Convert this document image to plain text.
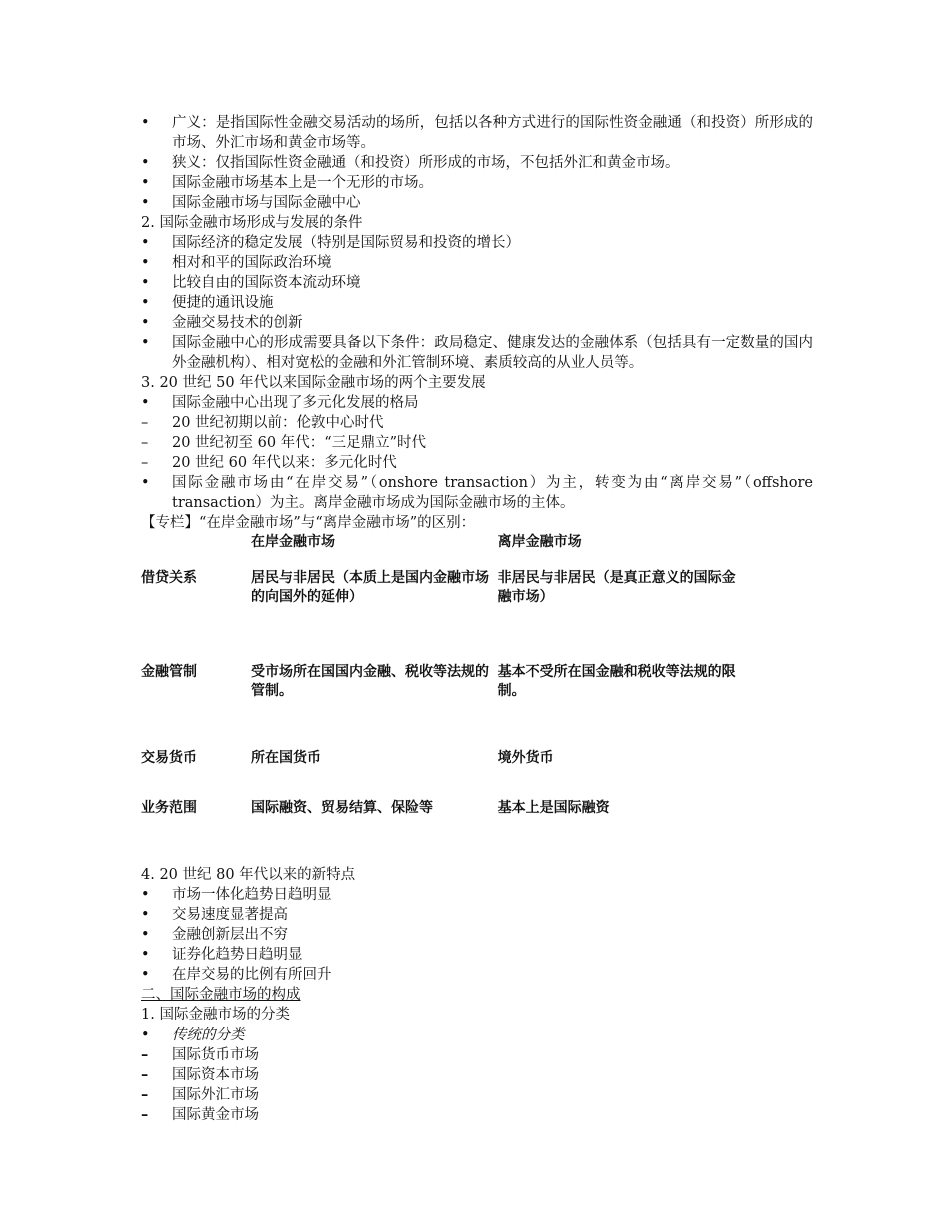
• 广义：是指国际性金融交易活动的场所，包括以各种方式进行的国际性资金融通（和投资）所形成的市场、外汇市场和黄金市场等。
• 狭义：仅指国际性资金融通（和投资）所形成的市场，不包括外汇和黄金市场。
• 国际金融市场基本上是一个无形的市场。
• 国际金融市场与国际金融中心
2. 国际金融市场形成与发展的条件
• 国际经济的稳定发展（特别是国际贸易和投资的增长）
• 相对和平的国际政治环境
• 比较自由的国际资本流动环境
• 便捷的通讯设施
• 金融交易技术的创新
• 国际金融中心的形成需要具备以下条件：政局稳定、健康发达的金融体系（包括具有一定数量的国内外金融机构）、相对宽松的金融和外汇管制环境、素质较高的从业人员等。
3. 20 世纪 50 年代以来国际金融市场的两个主要发展
• 国际金融中心出现了多元化发展的格局
– 20 世纪初期以前：伦敦中心时代
– 20 世纪初至 60 年代：“三足鼎立”时代
– 20 世纪 60 年代以来：多元化时代
• 国际金融市场由“在岸交易”（onshore transaction）为主，转变为由“离岸交易”（offshore transaction）为主。离岸金融市场成为国际金融市场的主体。
【专栏】“在岸金融市场”与“离岸金融市场”的区别：
	在岸金融市场	离岸金融市场
借贷关系	居民与非居民（本质上是国内金融市场的向国外的延伸）	非居民与非居民（是真正意义的国际金融市场）
金融管制	受市场所在国国内金融、税收等法规的管制。	基本不受所在国金融和税收等法规的限制。
交易货币	所在国货币	境外货币
业务范围	国际融资、贸易结算、保险等	基本上是国际融资
4. 20 世纪 80 年代以来的新特点
• 市场一体化趋势日趋明显
• 交易速度显著提高
• 金融创新层出不穷
• 证券化趋势日趋明显
• 在岸交易的比例有所回升
二、国际金融市场的构成
1. 国际金融市场的分类
• 传统的分类
– 国际货币市场
– 国际资本市场
– 国际外汇市场
– 国际黄金市场
